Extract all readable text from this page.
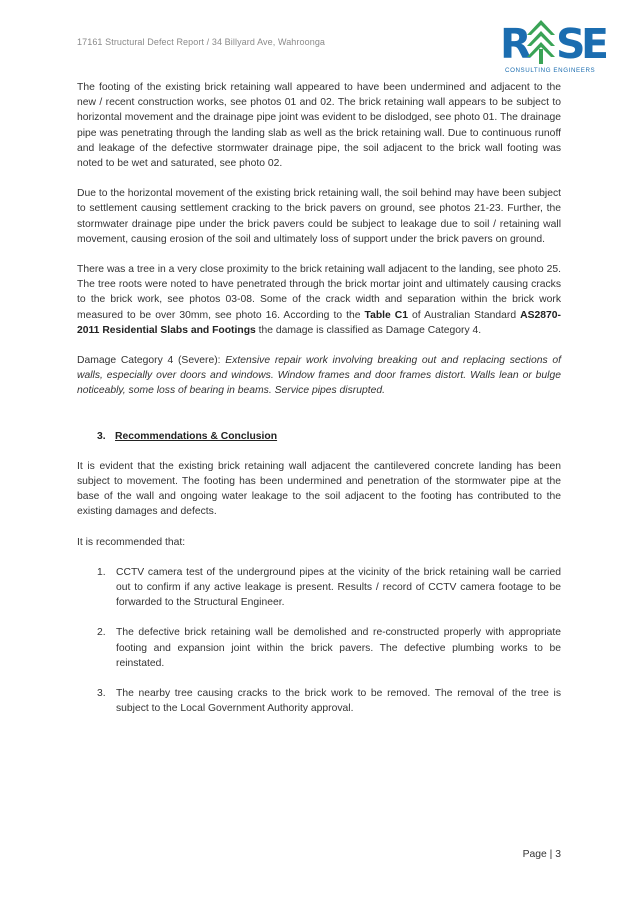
17161 Structural Defect Report / 34 Billyard Ave, Wahroonga	R S
E
CONSULTING ENGINEERS

The footing of the existing brick retaining wall appeared to have been undermined and adjacent to the new / recent construction works, see photos 01 and 02. The brick retaining wall appears to be subject to horizontal movement and the drainage pipe joint was evident to be dislodged, see photo 01. The drainage pipe was penetrating through the landing slab as well as the brick retaining wall. Due to continuous runoff and leakage of the defective stormwater drainage pipe, the soil adjacent to the brick wall footing was noted to be wet and saturated, see photo 02.

Due to the horizontal movement of the existing brick retaining wall, the soil behind may have been subject to settlement causing settlement cracking to the brick pavers on ground, see photos 21-23. Further, the stormwater drainage pipe under the brick pavers could be subject to leakage due to soil / retaining wall movement, causing erosion of the soil and ultimately loss of support under the brick pavers on ground.

There was a tree in a very close proximity to the brick retaining wall adjacent to the landing, see photo 25. The tree roots were noted to have penetrated through the brick mortar joint and ultimately causing cracks to the brick work, see photos 03-08. Some of the crack width and separation within the brick work measured to be over 30mm, see photo 16. According to the Table C1 of Australian Standard AS2870-2011 Residential Slabs and Footings the damage is classified as Damage Category 4.

Damage Category 4 (Severe): Extensive repair work involving breaking out and replacing sections of walls, especially over doors and windows. Window frames and door frames distort. Walls lean or bulge noticeably, some loss of bearing in beams. Service pipes disrupted.

3. Recommendations & Conclusion

It is evident that the existing brick retaining wall adjacent the cantilevered concrete landing has been subject to movement. The footing has been undermined and penetration of the stormwater pipe at the base of the wall and ongoing water leakage to the soil adjacent to the footing has contributed to the existing damages and defects.

It is recommended that:

1. CCTV camera test of the underground pipes at the vicinity of the brick retaining wall be carried out to confirm if any active leakage is present. Results / record of CCTV camera footage to be forwarded to the Structural Engineer.
2. The defective brick retaining wall be demolished and re-constructed properly with appropriate footing and expansion joint within the brick pavers. The defective plumbing works to be reinstated.
3. The nearby tree causing cracks to the brick work to be removed. The removal of the tree is subject to the Local Government Authority approval.
Page | 3
